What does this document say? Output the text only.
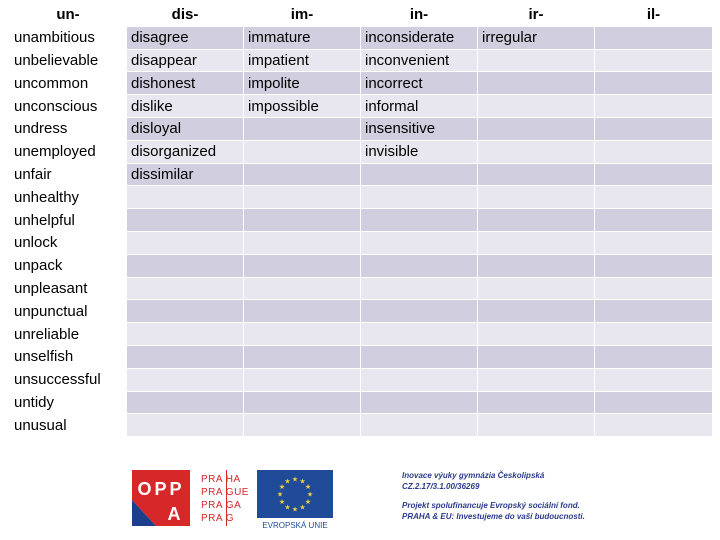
un-	dis-	im-	in-	ir-	il-
unambitious	disagree	immature	inconsiderate	irregular	
unbelievable	disappear	impatient	inconvenient		
uncommon	dishonest	impolite	incorrect		
unconscious	dislike	impossible	informal		
undress	disloyal		insensitive		
unemployed	disorganized		invisible		
unfair	dissimilar				
unhealthy					
unhelpful					
unlock					
unpack					
unpleasant					
unpunctual					
unreliable					
unselfish					
unsuccessful					
untidy					
unusual					
OPP
A
PRA HA
PRA GUE
PRA GA
PRA G
★
★
★
★
★
★
★
★
★ ★ ★
★
EVROPSKÁ UNIE
Inovace výuky gymnázia Českolipská
CZ.2.17/3.1.00/36269
Projekt spolufinancuje Evropský sociální fond.
PRAHA & EU: Investujeme do vaší budoucnosti.
